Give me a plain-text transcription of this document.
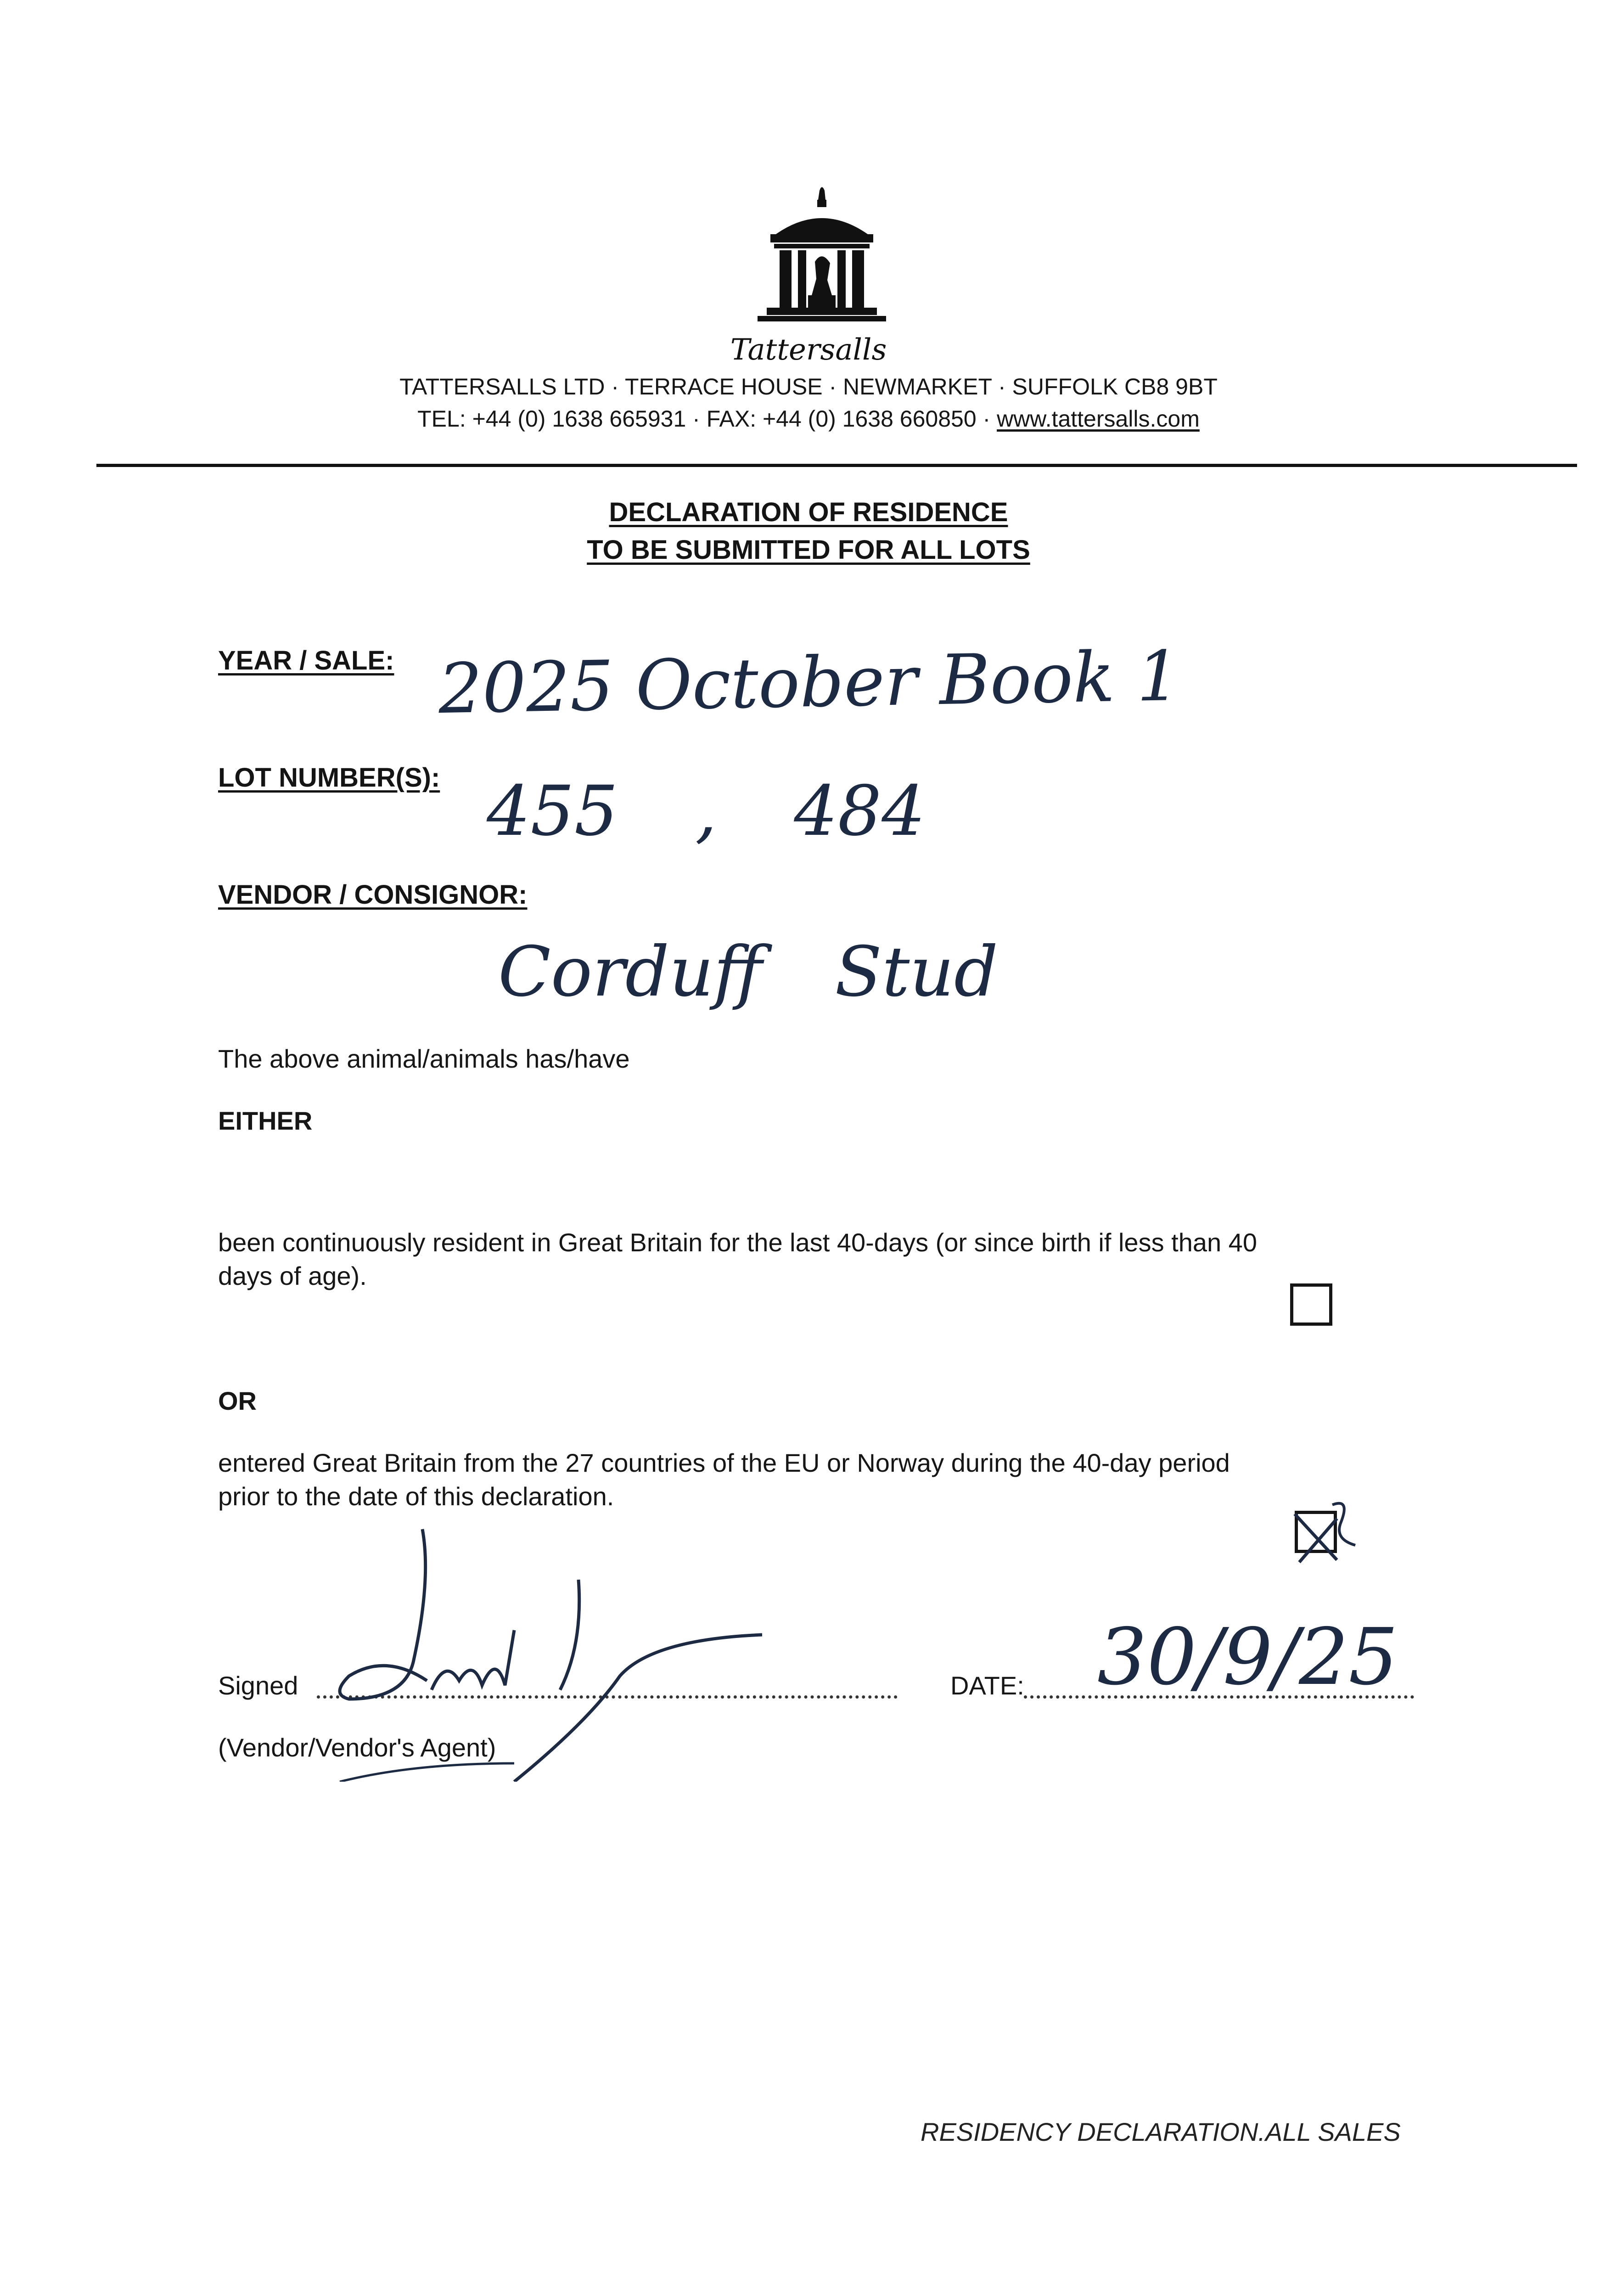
Tattersalls
TATTERSALLS LTD · TERRACE HOUSE · NEWMARKET · SUFFOLK CB8 9BT
TEL: +44 (0) 1638 665931 · FAX: +44 (0) 1638 660850 · www.tattersalls.com
DECLARATION OF RESIDENCE
TO BE SUBMITTED FOR ALL LOTS
YEAR / SALE: 2025 October Book 1
LOT NUMBER(S): 455 , 484
VENDOR / CONSIGNOR:
Corduff Stud
The above animal/animals has/have
EITHER
been continuously resident in Great Britain for the last 40-days (or since birth if less than 40
days of age).
OR
entered Great Britain from the 27 countries of the EU or Norway during the 40-day period
prior to the date of this declaration.
Signed
(Vendor/Vendor's Agent)
DATE: 30/9/25
RESIDENCY DECLARATION.ALL SALES
